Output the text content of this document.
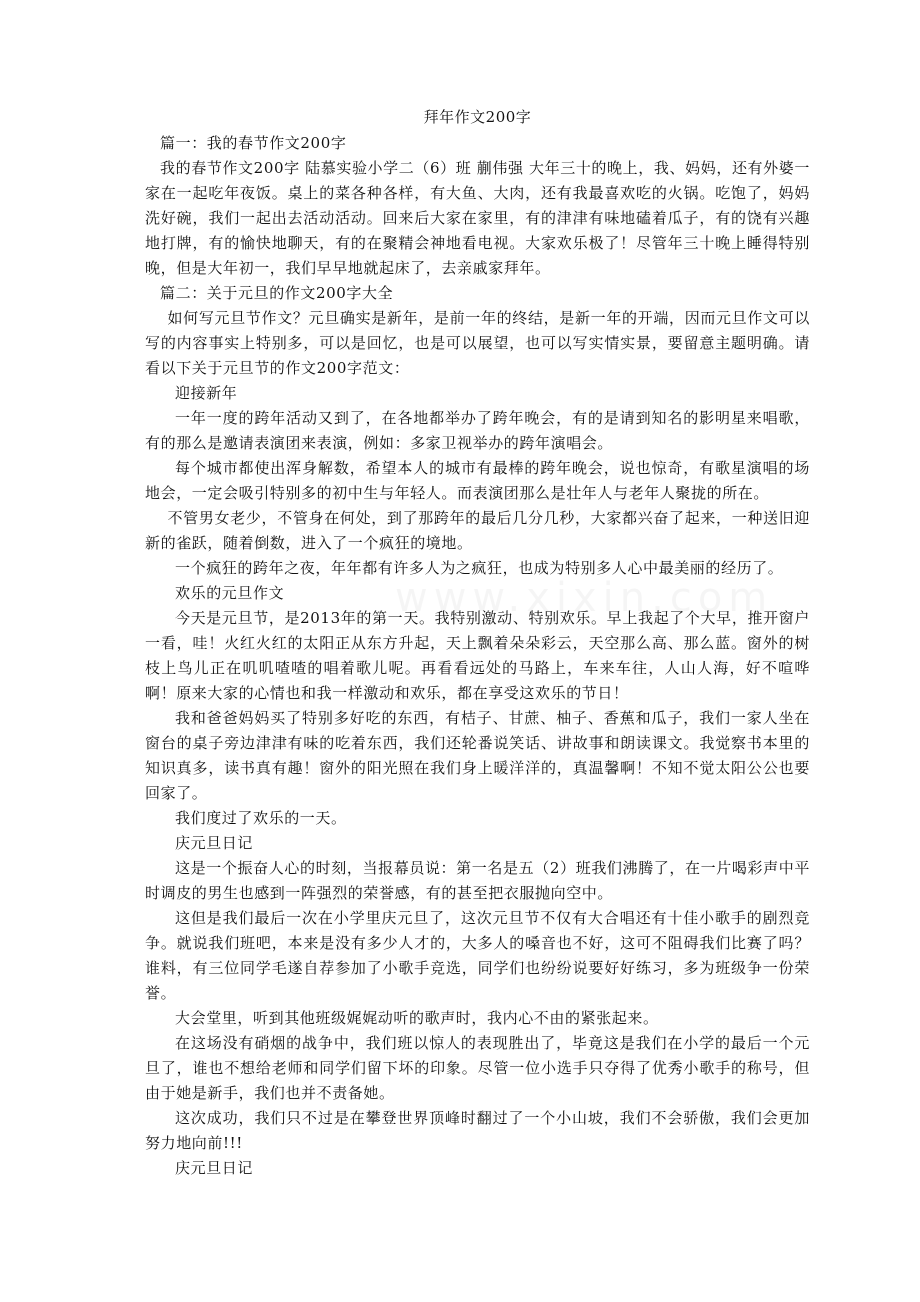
拜年作文200字
篇一：我的春节作文200字
我的春节作文200字 陆慕实验小学二（6）班 蒯伟强 大年三十的晚上，我、妈妈，还有外婆一家在一起吃年夜饭。桌上的菜各种各样，有大鱼、大肉，还有我最喜欢吃的火锅。吃饱了，妈妈洗好碗，我们一起出去活动活动。回来后大家在家里，有的津津有味地磕着瓜子，有的饶有兴趣地打牌，有的愉快地聊天，有的在聚精会神地看电视。大家欢乐极了！尽管年三十晚上睡得特别晚，但是大年初一，我们早早地就起床了，去亲戚家拜年。
篇二：关于元旦的作文200字大全
如何写元旦节作文？元旦确实是新年，是前一年的终结，是新一年的开端，因而元旦作文可以写的内容事实上特别多，可以是回忆，也是可以展望，也可以写实情实景，要留意主题明确。请看以下关于元旦节的作文200字范文：
迎接新年
一年一度的跨年活动又到了，在各地都举办了跨年晚会，有的是请到知名的影明星来唱歌，有的那么是邀请表演团来表演，例如：多家卫视举办的跨年演唱会。
每个城市都使出浑身解数，希望本人的城市有最棒的跨年晚会，说也惊奇，有歌星演唱的场地会，一定会吸引特别多的初中生与年轻人。而表演团那么是壮年人与老年人聚拢的所在。
不管男女老少，不管身在何处，到了那跨年的最后几分几秒，大家都兴奋了起来，一种送旧迎新的雀跃，随着倒数，进入了一个疯狂的境地。
一个疯狂的跨年之夜，年年都有许多人为之疯狂，也成为特别多人心中最美丽的经历了。
欢乐的元旦作文
今天是元旦节，是2013年的第一天。我特别激动、特别欢乐。早上我起了个大早，推开窗户一看，哇！火红火红的太阳正从东方升起，天上飘着朵朵彩云，天空那么高、那么蓝。窗外的树枝上鸟儿正在叽叽喳喳的唱着歌儿呢。再看看远处的马路上，车来车往，人山人海，好不喧哗啊！原来大家的心情也和我一样激动和欢乐，都在享受这欢乐的节日！
我和爸爸妈妈买了特别多好吃的东西，有桔子、甘蔗、柚子、香蕉和瓜子，我们一家人坐在窗台的桌子旁边津津有味的吃着东西，我们还轮番说笑话、讲故事和朗读课文。我觉察书本里的知识真多，读书真有趣！窗外的阳光照在我们身上暖洋洋的，真温馨啊！不知不觉太阳公公也要回家了。
我们度过了欢乐的一天。
庆元旦日记
这是一个振奋人心的时刻，当报幕员说：第一名是五（2）班我们沸腾了，在一片喝彩声中平时调皮的男生也感到一阵强烈的荣誉感，有的甚至把衣服抛向空中。
这但是我们最后一次在小学里庆元旦了，这次元旦节不仅有大合唱还有十佳小歌手的剧烈竞争。就说我们班吧，本来是没有多少人才的，大多人的嗓音也不好，这可不阻碍我们比赛了吗？谁料，有三位同学毛遂自荐参加了小歌手竞选，同学们也纷纷说要好好练习，多为班级争一份荣誉。
大会堂里，听到其他班级娓娓动听的歌声时，我内心不由的紧张起来。
在这场没有硝烟的战争中，我们班以惊人的表现胜出了，毕竟这是我们在小学的最后一个元旦了，谁也不想给老师和同学们留下坏的印象。尽管一位小选手只夺得了优秀小歌手的称号，但由于她是新手，我们也并不责备她。
这次成功，我们只不过是在攀登世界顶峰时翻过了一个小山坡，我们不会骄傲，我们会更加努力地向前!!!
庆元旦日记
